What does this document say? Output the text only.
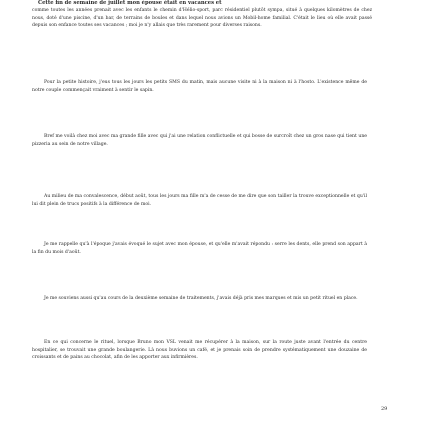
Cette fin de semaine de juillet mon épouse était en vacances et

comme toutes les années prenait avec les enfants le chemin d'Hélio-sport, parc résidentiel plutôt sympa, situé à quelques kilomètres de chez nous, doté d'une piscine, d'un bar, de terrains de boules et dans lequel nous avions un Mobil-home familial. C'était le lieu où elle avait passé depuis son enfance toutes ses vacances ; moi je n'y allais que très rarement pour diverses raisons.

Pour la petite histoire, j'eus tous les jours les petits SMS du matin, mais aucune visite ni à la maison ni à l'hosto. L'existence même de notre couple commençait vraiment à sentir le sapin.

Bref me voilà chez moi avec ma grande fille avec qui j'ai une relation conflictuelle et qui bosse de surcroît chez un gros nase qui tient une pizzeria au sein de notre village.

Au milieu de ma convalescence, début août, tous les jours ma fille m'a de cesse de me dire que son tailler la trouve exceptionnelle et qu'il lui dit plein de trucs positifs à la différence de moi.

Je me rappelle qu'à l'époque j'avais évoqué le sujet avec mon épouse, et qu'elle m'avait répondu : serre les dents, elle prend son appart à la fin du mois d'août.

Je me souviens aussi qu'au cours de la deuxième semaine de traitements, j'avais déjà pris mes marques et mis un petit rituel en place.

En ce qui concerne le rituel, lorsque Bruno mon VSL venait me récupérer à la maison, sur la route juste avant l'entrée du centre hospitalier, se trouvait une grande boulangerie. Là nous buvions un café, et je prenais soin de prendre systématiquement une douzaine de croissants et de pains au chocolat, afin de les apporter aux infirmières.

29
